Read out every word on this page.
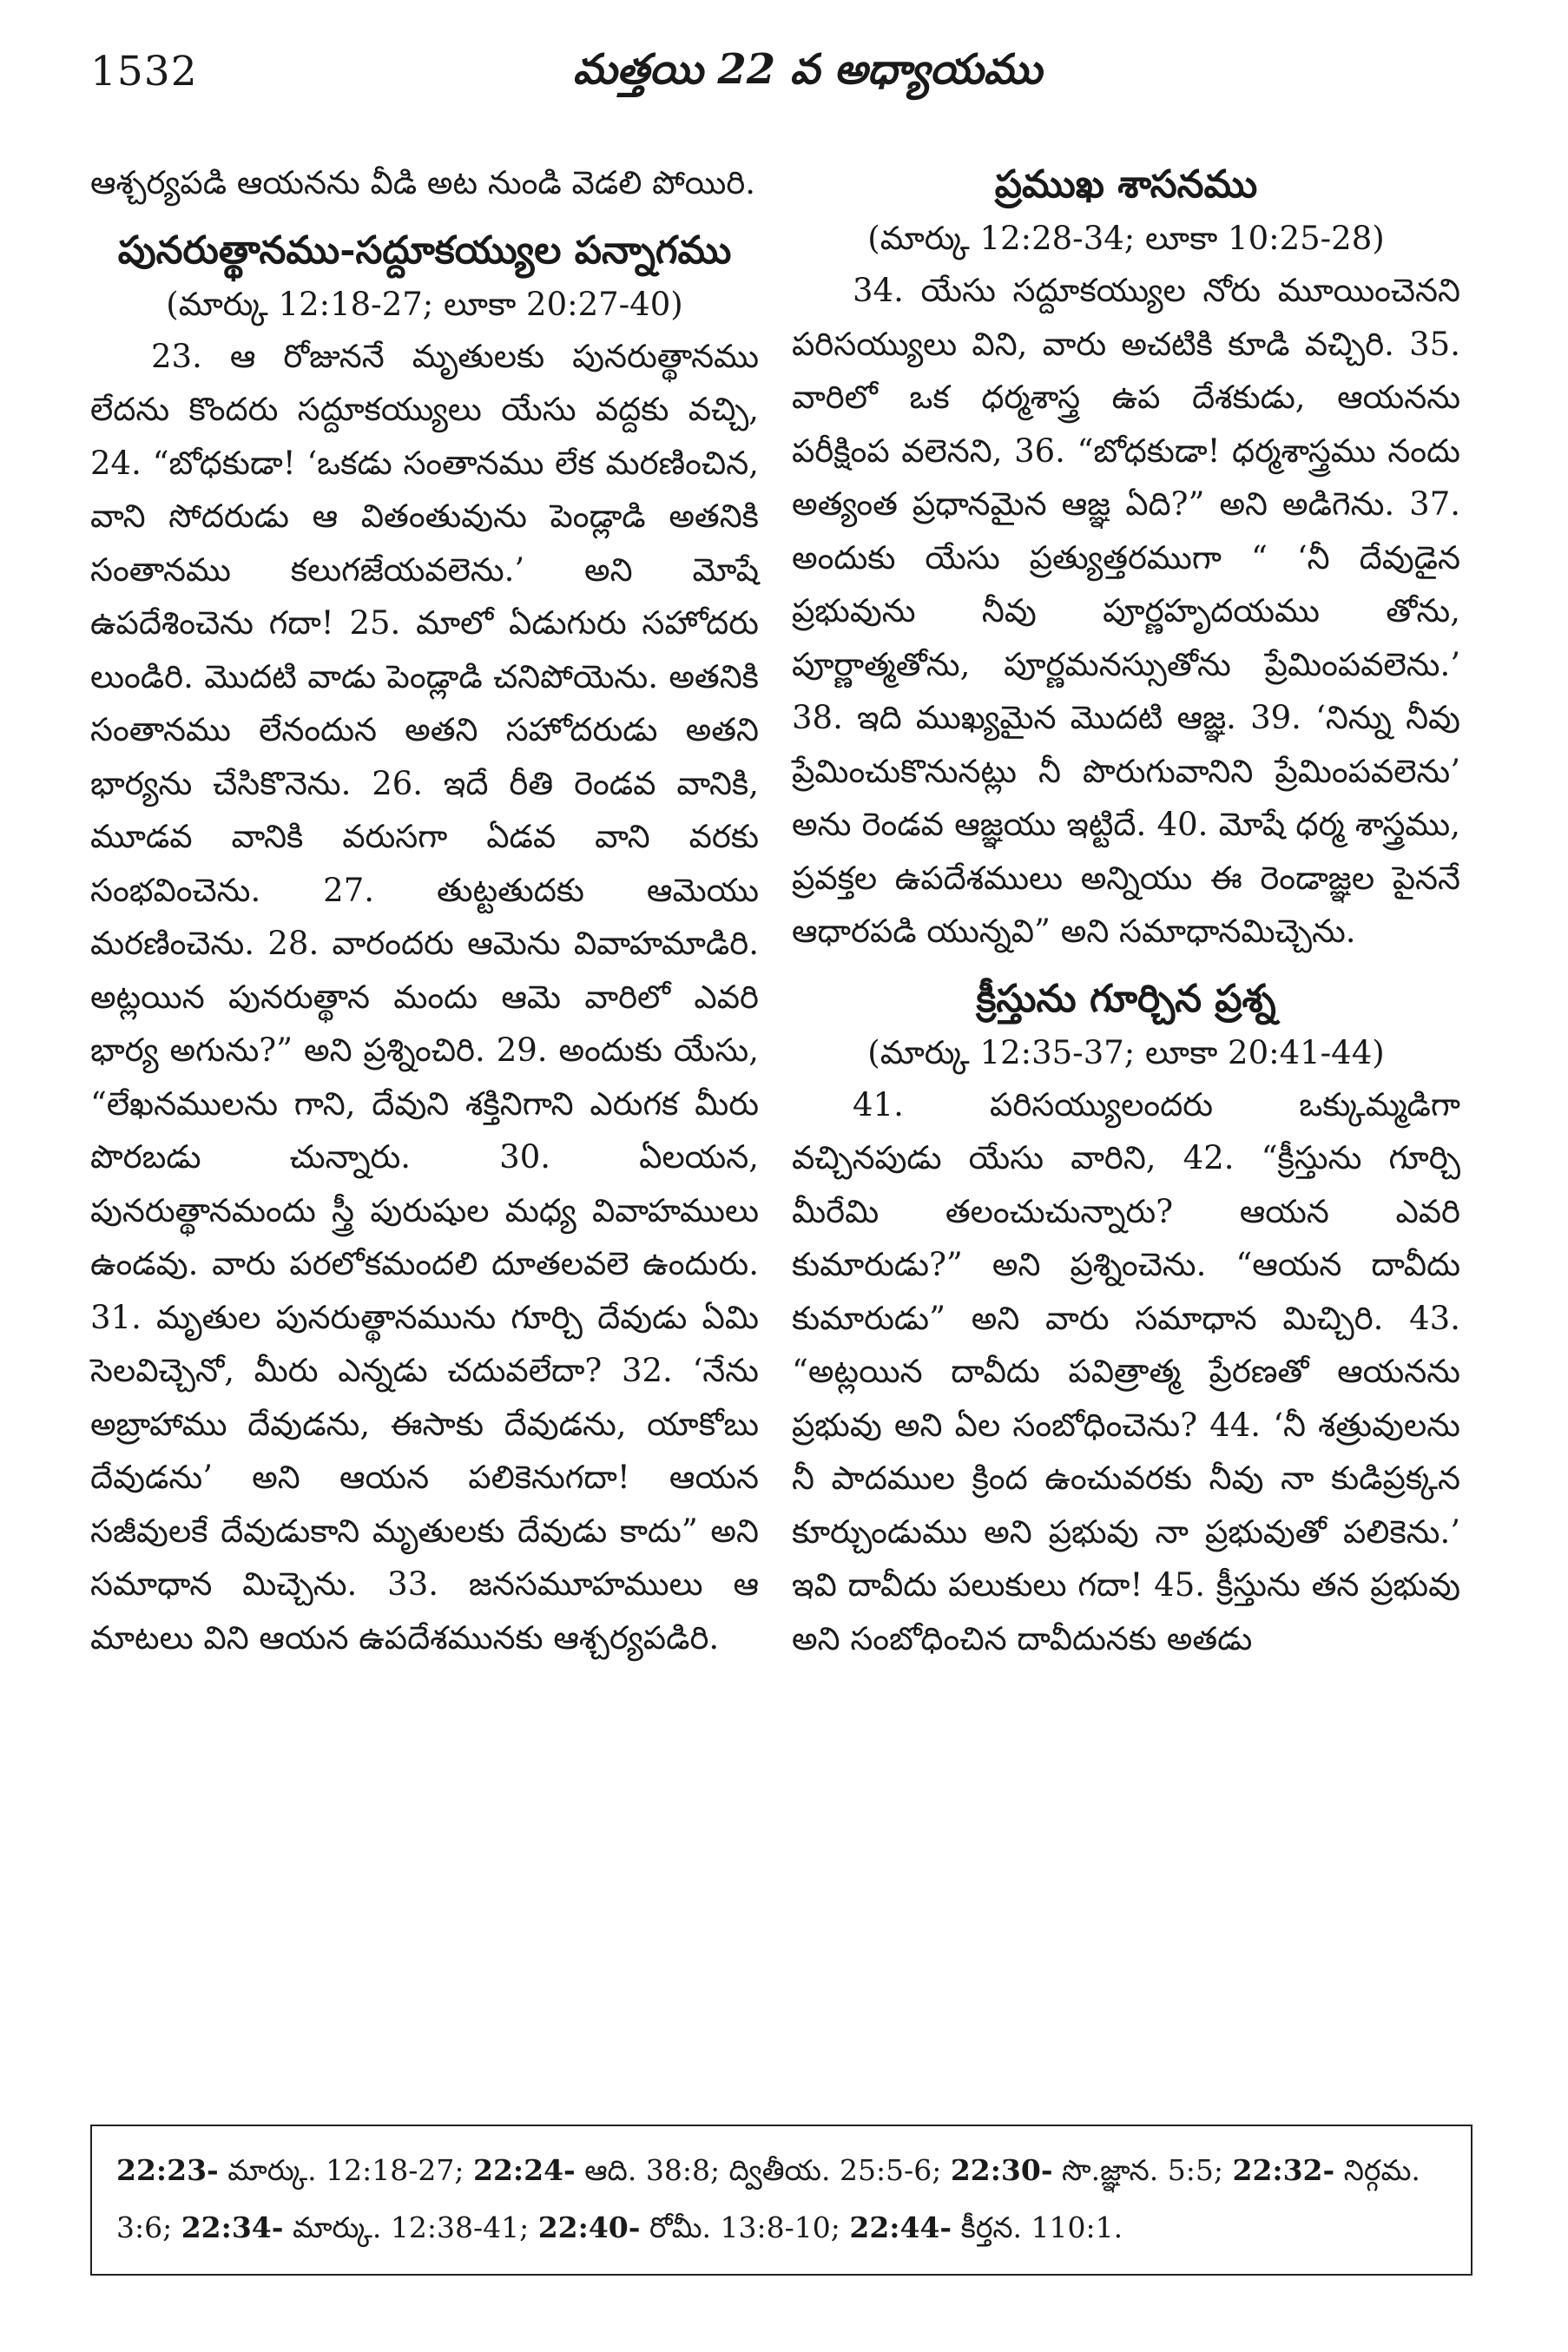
1532	మత్తయి 22 వ అధ్యాయము

ఆశ్చర్యపడి ఆయనను వీడి అట నుండి వెడలి పోయిరి.

పునరుత్థానము-సద్దూకయ్యుల పన్నాగము
(మార్కు 12:18-27; లూకా 20:27-40)

23. ఆ రోజుననే మృతులకు పునరుత్థానము లేదను కొందరు సద్దూకయ్యులు యేసు వద్దకు వచ్చి, 24. “బోధకుడా! ‘ఒకడు సంతానము లేక మరణించిన, వాని సోదరుడు ఆ వితంతువును పెండ్లాడి అతనికి సంతానము కలుగజేయవలెను.’ అని మోషే ఉపదేశించెను గదా! 25. మాలో ఏడుగురు సహోదరు లుండిరి. మొదటి వాడు పెండ్లాడి చనిపోయెను. అతనికి సంతానము లేనందున అతని సహోదరుడు అతని భార్యను చేసికొనెను. 26. ఇదే రీతి రెండవ వానికి, మూడవ వానికి వరుసగా ఏడవ వాని వరకు సంభవించెను. 27. తుట్టతుదకు ఆమెయు మరణించెను. 28. వారందరు ఆమెను వివాహమాడిరి. అట్లయిన పునరుత్థాన మందు ఆమె వారిలో ఎవరి భార్య అగును?” అని ప్రశ్నించిరి. 29. అందుకు యేసు, “లేఖనములను గాని, దేవుని శక్తినిగాని ఎరుగక మీరు పొరబడు చున్నారు. 30. ఏలయన, పునరుత్థానమందు స్త్రీ పురుషుల మధ్య వివాహములు ఉండవు. వారు పరలోకమందలి దూతలవలె ఉందురు. 31. మృతుల పునరుత్థానమును గూర్చి దేవుడు ఏమి సెలవిచ్చెనో, మీరు ఎన్నడు చదువలేదా? 32. ‘నేను అబ్రాహాము దేవుడను, ఈసాకు దేవుడను, యాకోబు దేవుడను’ అని ఆయన పలికెనుగదా! ఆయన సజీవులకే దేవుడుకాని మృతులకు దేవుడు కాదు” అని సమాధాన మిచ్చెను. 33. జనసమూహములు ఆ మాటలు విని ఆయన ఉపదేశమునకు ఆశ్చర్యపడిరి.

ప్రముఖ శాసనము
(మార్కు 12:28-34; లూకా 10:25-28)

34. యేసు సద్దూకయ్యుల నోరు మూయించెనని పరిసయ్యులు విని, వారు అచటికి కూడి వచ్చిరి. 35. వారిలో ఒక ధర్మశాస్త్ర ఉప దేశకుడు, ఆయనను పరీక్షింప వలెనని, 36. “బోధకుడా! ధర్మశాస్త్రము నందు అత్యంత ప్రధానమైన ఆజ్ఞ ఏది?” అని అడిగెను. 37. అందుకు యేసు ప్రత్యుత్తరముగా “ ‘నీ దేవుడైన ప్రభువును నీవు పూర్ణహృదయము తోను, పూర్ణాత్మతోను, పూర్ణమనస్సుతోను ప్రేమింపవలెను.’ 38. ఇది ముఖ్యమైన మొదటి ఆజ్ఞ. 39. ‘నిన్ను నీవు ప్రేమించుకొనునట్లు నీ పొరుగువానిని ప్రేమింపవలెను’ అను రెండవ ఆజ్ఞయు ఇట్టిదే. 40. మోషే ధర్మ శాస్త్రము, ప్రవక్తల ఉపదేశములు అన్నియు ఈ రెండాజ్ఞల పైననే ఆధారపడి యున్నవి” అని సమాధానమిచ్చెను.

క్రీస్తును గూర్చిన ప్రశ్న
(మార్కు 12:35-37; లూకా 20:41-44)

41. పరిసయ్యులందరు ఒక్కుమ్మడిగా వచ్చినపుడు యేసు వారిని, 42. “క్రీస్తును గూర్చి మీరేమి తలంచుచున్నారు? ఆయన ఎవరి కుమారుడు?” అని ప్రశ్నించెను. “ఆయన దావీదు కుమారుడు” అని వారు సమాధాన మిచ్చిరి. 43. “అట్లయిన దావీదు పవిత్రాత్మ ప్రేరణతో ఆయనను ప్రభువు అని ఏల సంబోధించెను? 44. ‘నీ శత్రువులను నీ పాదముల క్రింద ఉంచువరకు నీవు నా కుడిప్రక్కన కూర్చుండుము అని ప్రభువు నా ప్రభువుతో పలికెను.’ ఇవి దావీదు పలుకులు గదా! 45. క్రీస్తును తన ప్రభువు అని సంబోధించిన దావీదునకు అతడు

22:23- మార్కు. 12:18-27; 22:24- ఆది. 38:8; ద్వితీయ. 25:5-6; 22:30- సొ.జ్ఞాన. 5:5; 22:32- నిర్గమ. 3:6; 22:34- మార్కు. 12:38-41; 22:40- రోమీ. 13:8-10; 22:44- కీర్తన. 110:1.
